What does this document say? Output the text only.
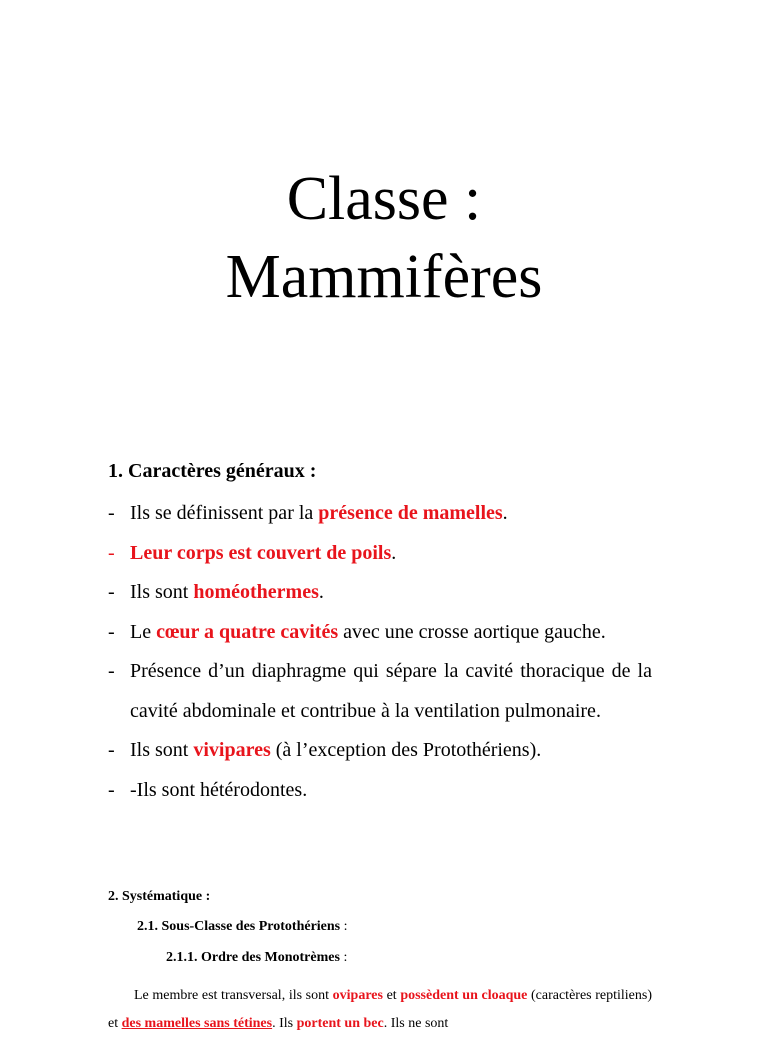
Classe :
Mammifères
1. Caractères généraux :
- Ils se définissent par la présence de mamelles.
- Leur corps est couvert de poils.
- Ils sont homéothermes.
- Le cœur a quatre cavités avec une crosse aortique gauche.
- Présence d’un diaphragme qui sépare la cavité thoracique de la cavité abdominale et contribue à la ventilation pulmonaire.
- Ils sont vivipares (à l’exception des Protothériens).
- -Ils sont hétérodontes.
2. Systématique :
2.1. Sous-Classe des Protothériens :
2.1.1. Ordre des Monotrèmes :
Le membre est transversal, ils sont ovipares et possèdent un cloaque (caractères reptiliens) et des mamelles sans tétines. Ils portent un bec. Ils ne sont
